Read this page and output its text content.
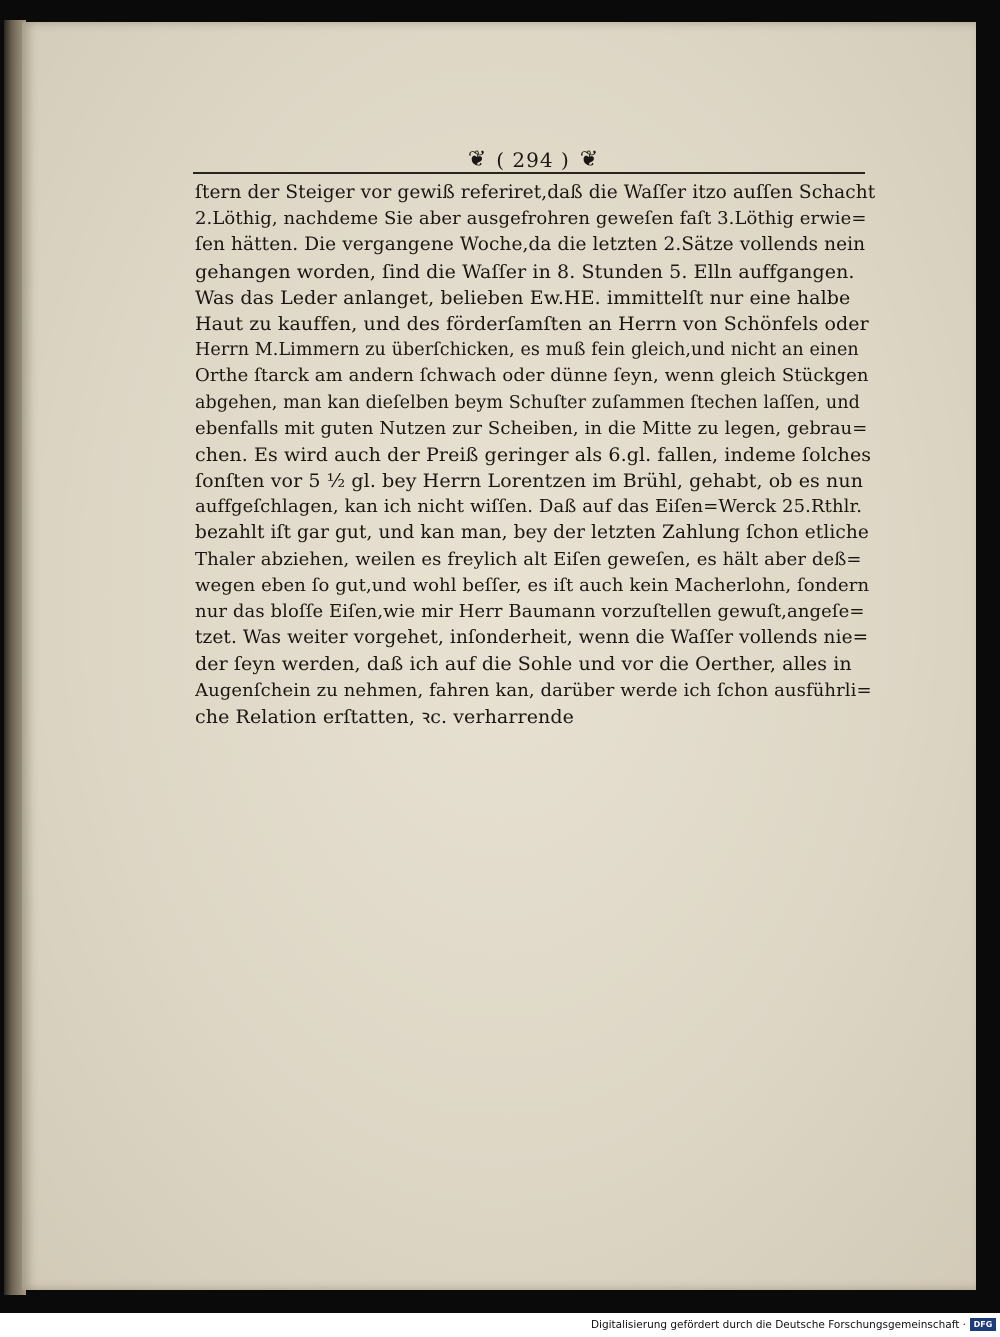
❦ ( 294 ) ❦
ſtern der Steiger vor gewiß referiret,daß die Waſſer itzo auſſen Schacht
2.Löthig, nachdeme Sie aber ausgefrohren geweſen faſt 3.Löthig erwie=
ſen hätten. Die vergangene Woche,da die letzten 2.Sätze vollends nein
gehangen worden, ſind die Waſſer in 8. Stunden 5. Elln auffgangen.
Was das Leder anlanget, belieben Ew.HE. immittelſt nur eine halbe
Haut zu kauffen, und des förderſamſten an Herrn von Schönfels oder
Herrn M.Limmern zu überſchicken, es muß fein gleich,und nicht an einen
Orthe ſtarck am andern ſchwach oder dünne ſeyn, wenn gleich Stückgen
abgehen, man kan dieſelben beym Schuſter zuſammen ſtechen laſſen, und
ebenfalls mit guten Nutzen zur Scheiben, in die Mitte zu legen, gebrau=
chen. Es wird auch der Preiß geringer als 6.gl. fallen, indeme ſolches
ſonſten vor 5 ½ gl. bey Herrn Lorentzen im Brühl, gehabt, ob es nun
auffgeſchlagen, kan ich nicht wiſſen. Daß auf das Eiſen=Werck 25.Rthlr.
bezahlt iſt gar gut, und kan man, bey der letzten Zahlung ſchon etliche
Thaler abziehen, weilen es freylich alt Eiſen geweſen, es hält aber deß=
wegen eben ſo gut,und wohl beſſer, es iſt auch kein Macherlohn, ſondern
nur das bloſſe Eiſen,wie mir Herr Baumann vorzuſtellen gewuſt,angeſe=
tzet. Was weiter vorgehet, inſonderheit, wenn die Waſſer vollends nie=
der ſeyn werden, daß ich auf die Sohle und vor die Oerther, alles in
Augenſchein zu nehmen, fahren kan, darüber werde ich ſchon ausführli=
che Relation erſtatten, ꝛc. verharrende
Digitalisierung gefördert durch die Deutsche Forschungsgemeinschaft · DFG
